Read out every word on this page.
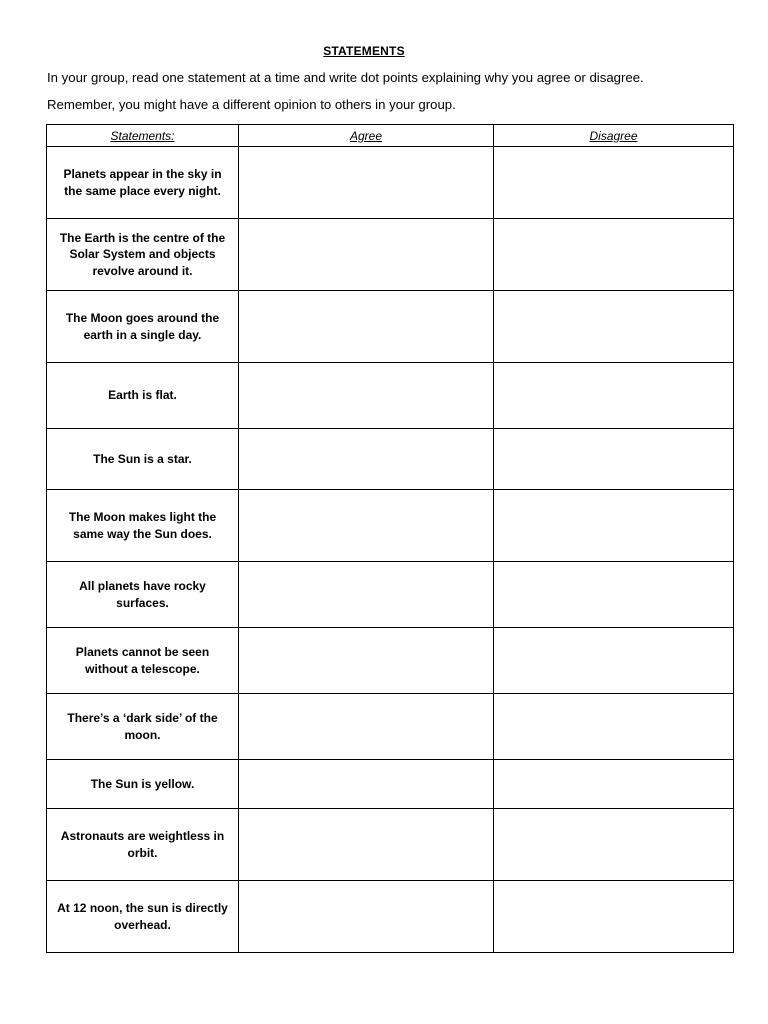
STATEMENTS
In your group, read one statement at a time and write dot points explaining why you agree or disagree.
Remember, you might have a different opinion to others in your group.
Statements:	Agree	Disagree
Planets appear in the sky in the same place every night.		
The Earth is the centre of the Solar System and objects revolve around it.		
The Moon goes around the earth in a single day.		
Earth is flat.		
The Sun is a star.		
The Moon makes light the same way the Sun does.		
All planets have rocky surfaces.		
Planets cannot be seen without a telescope.		
There’s a ‘dark side’ of the moon.		
The Sun is yellow.		
Astronauts are weightless in orbit.		
At 12 noon, the sun is directly overhead.		
